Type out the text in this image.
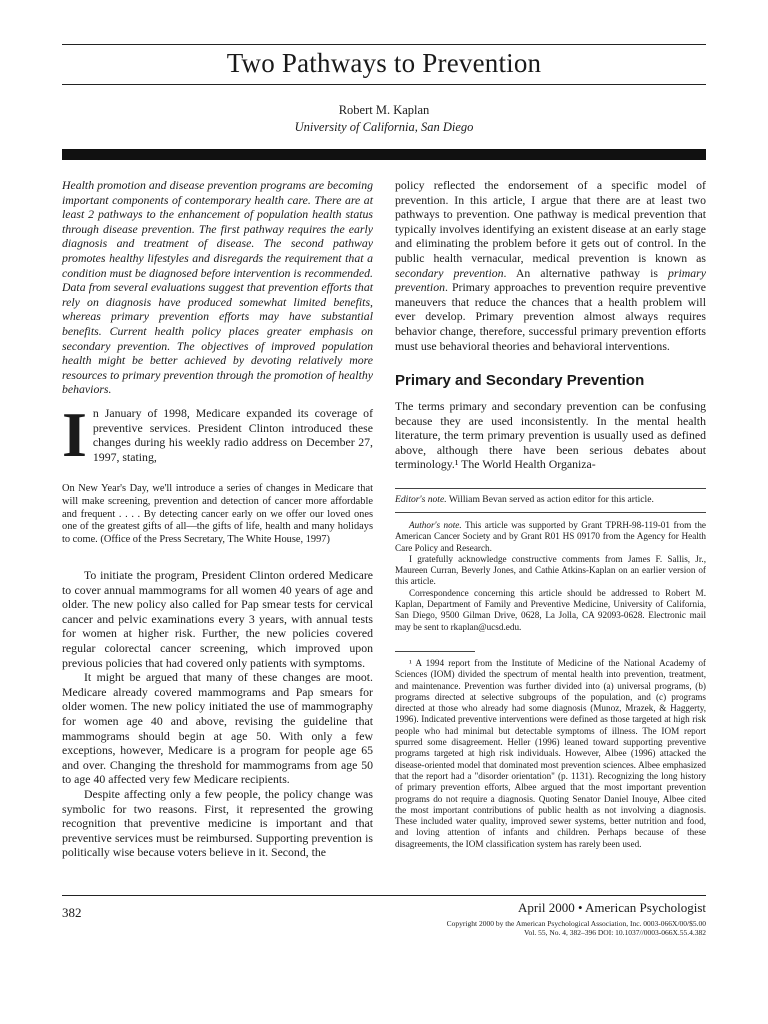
Two Pathways to Prevention
Robert M. Kaplan
University of California, San Diego
Health promotion and disease prevention programs are becoming important components of contemporary health care. There are at least 2 pathways to the enhancement of population health status through disease prevention. The first pathway requires the early diagnosis and treatment of disease. The second pathway promotes healthy lifestyles and disregards the requirement that a condition must be diagnosed before intervention is recommended. Data from several evaluations suggest that prevention efforts that rely on diagnosis have produced somewhat limited benefits, whereas primary prevention efforts may have substantial benefits. Current health policy places greater emphasis on secondary prevention. The objectives of improved population health might be better achieved by devoting relatively more resources to primary prevention through the promotion of healthy behaviors.
In January of 1998, Medicare expanded its coverage of preventive services. President Clinton introduced these changes during his weekly radio address on December 27, 1997, stating,
On New Year's Day, we'll introduce a series of changes in Medicare that will make screening, prevention and detection of cancer more affordable and frequent . . . . By detecting cancer early on we offer our loved ones one of the greatest gifts of all—the gifts of life, health and many holidays to come. (Office of the Press Secretary, The White House, 1997)

To initiate the program, President Clinton ordered Medicare to cover annual mammograms for all women 40 years of age and older. The new policy also called for Pap smear tests for cervical cancer and pelvic examinations every 3 years, with annual tests for women at higher risk. Further, the new policies covered regular colorectal cancer screening, which improved upon previous policies that had covered only patients with symptoms.

It might be argued that many of these changes are moot. Medicare already covered mammograms and Pap smears for older women. The new policy initiated the use of mammography for women age 40 and above, revising the guideline that mammograms should begin at age 50. With only a few exceptions, however, Medicare is a program for people age 65 and over. Changing the threshold for mammograms from age 50 to age 40 affected very few Medicare recipients.

Despite affecting only a few people, the policy change was symbolic for two reasons. First, it represented the growing recognition that preventive medicine is important and that preventive services must be reimbursed. Supporting prevention is politically wise because voters believe in it. Second, the

policy reflected the endorsement of a specific model of prevention. In this article, I argue that there are at least two pathways to prevention. One pathway is medical prevention that typically involves identifying an existent disease at an early stage and eliminating the problem before it gets out of control. In the public health vernacular, medical prevention is known as secondary prevention. An alternative pathway is primary prevention. Primary approaches to prevention require preventive maneuvers that reduce the chances that a health problem will ever develop. Primary prevention almost always requires behavior change, therefore, successful primary prevention efforts must use behavioral theories and behavioral interventions.
Primary and Secondary Prevention
The terms primary and secondary prevention can be confusing because they are used inconsistently. In the mental health literature, the term primary prevention is usually used as defined above, although there have been serious debates about terminology.¹ The World Health Organiza-
Editor's note. William Bevan served as action editor for this article.

Author's note. This article was supported by Grant TPRH-98-119-01 from the American Cancer Society and by Grant R01 HS 09170 from the Agency for Health Care Policy and Research.

I gratefully acknowledge constructive comments from James F. Sallis, Jr., Maureen Curran, Beverly Jones, and Cathie Atkins-Kaplan on an earlier version of this article.

Correspondence concerning this article should be addressed to Robert M. Kaplan, Department of Family and Preventive Medicine, University of California, San Diego, 9500 Gilman Drive, 0628, La Jolla, CA 92093-0628. Electronic mail may be sent to rkaplan@ucsd.edu.

¹ A 1994 report from the Institute of Medicine of the National Academy of Sciences (IOM) divided the spectrum of mental health into prevention, treatment, and maintenance. Prevention was further divided into (a) universal programs, (b) programs directed at selective subgroups of the population, and (c) programs directed at those who already had some diagnosis (Munoz, Mrazek, & Haggerty, 1996). Indicated preventive interventions were defined as those targeted at high risk people who had minimal but detectable symptoms of illness. The IOM report spurred some disagreement. Heller (1996) leaned toward supporting preventive programs targeted at high risk individuals. However, Albee (1996) attacked the disease-oriented model that dominated most prevention sciences. Albee emphasized that the report had a "disorder orientation" (p. 1131). Recognizing the long history of primary prevention efforts, Albee argued that the most important prevention programs do not require a diagnosis. Quoting Senator Daniel Inouye, Albee cited the most important contributions of public health as not involving a diagnosis. These included water quality, improved sewer systems, better nutrition and food, and loving attention of infants and children. Perhaps because of these disagreements, the IOM classification system has rarely been used.
382	April 2000 • American Psychologist
Copyright 2000 by the American Psychological Association, Inc. 0003-066X/00/$5.00
Vol. 55, No. 4, 382–396 DOI: 10.1037//0003-066X.55.4.382
